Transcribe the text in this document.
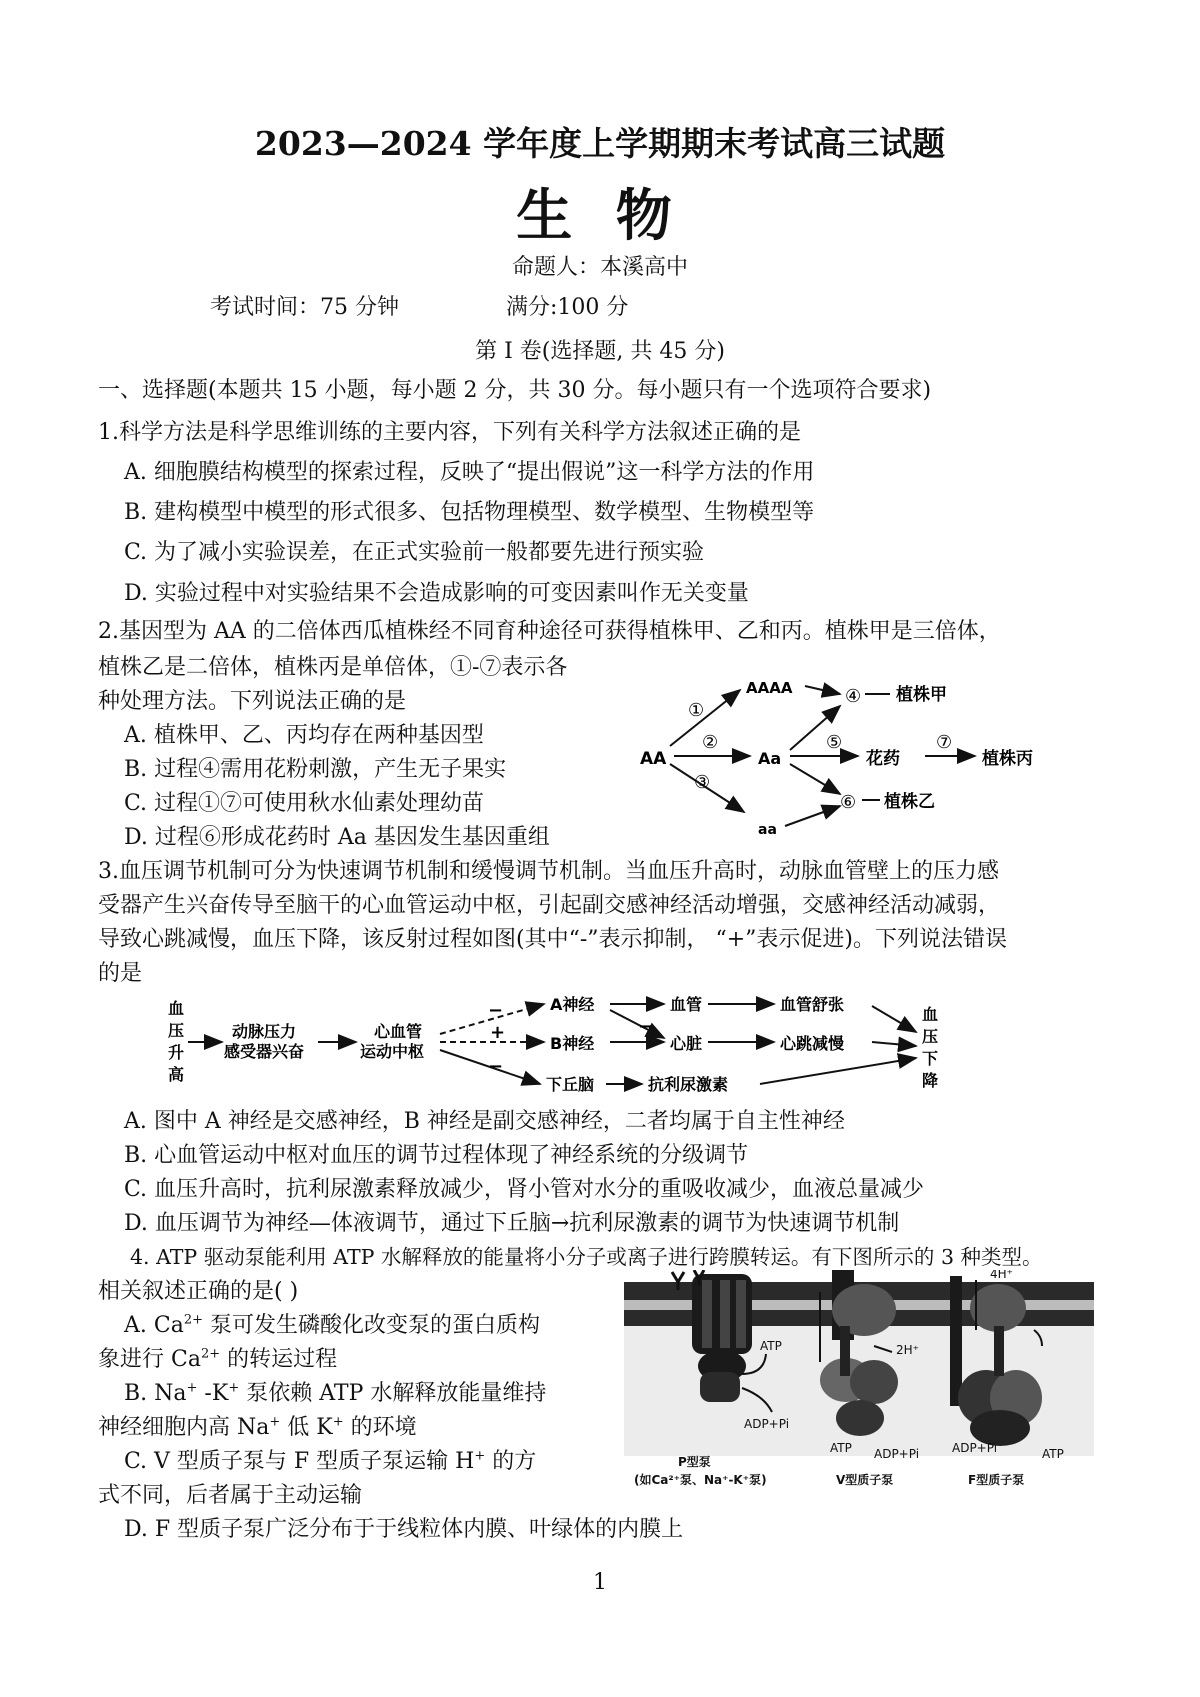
2023—2024 学年度上学期期末考试高三试题
生 物
命题人：本溪高中
考试时间：75 分钟	满分:100 分
第 Ⅰ 卷(选择题, 共 45 分)
一、选择题(本题共 15 小题，每小题 2 分，共 30 分。每小题只有一个选项符合要求)
1.科学方法是科学思维训练的主要内容，下列有关科学方法叙述正确的是
A. 细胞膜结构模型的探索过程，反映了“提出假说”这一科学方法的作用
B. 建构模型中模型的形式很多、包括物理模型、数学模型、生物模型等
C. 为了减小实验误差，在正式实验前一般都要先进行预实验
D. 实验过程中对实验结果不会造成影响的可变因素叫作无关变量
2.基因型为 AA 的二倍体西瓜植株经不同育种途径可获得植株甲、乙和丙。植株甲是三倍体，
植株乙是二倍体，植株丙是单倍体，①-⑦表示各
种处理方法。下列说法正确的是
A. 植株甲、乙、丙均存在两种基因型
B. 过程④需用花粉刺激，产生无子果实
C. 过程①⑦可使用秋水仙素处理幼苗
D. 过程⑥形成花药时 Aa 基因发生基因重组
AA
AAAA
Aa
aa
①
②
③
④
⑤	⑦
⑥
植株甲
花药	植株丙
植株乙
3.血压调节机制可分为快速调节机制和缓慢调节机制。当血压升高时，动脉血管壁上的压力感
受器产生兴奋传导至脑干的心血管运动中枢，引起副交感神经活动增强，交感神经活动减弱，
导致心跳减慢，血压下降，该反射过程如图(其中“-”表示抑制， “+”表示促进)。下列说法错误
的是
血
压
升
高
动脉压力
感受器兴奋
心血管
运动中枢
A神经
B神经
下丘脑
血管
心脏
抗利尿激素
血管舒张
心跳减慢
血
压
下
降
−
+
−
−
A. 图中 A 神经是交感神经，B 神经是副交感神经，二者均属于自主性神经
B. 心血管运动中枢对血压的调节过程体现了神经系统的分级调节
C. 血压升高时，抗利尿激素释放减少，肾小管对水分的重吸收减少，血液总量减少
D. 血压调节为神经—体液调节，通过下丘脑→抗利尿激素的调节为快速调节机制
4. ATP 驱动泵能利用 ATP 水解释放的能量将小分子或离子进行跨膜转运。有下图所示的 3 种类型。
相关叙述正确的是( )
A. $Ca^{2+}$ 泵可发生磷酸化改变泵的蛋白质构
象进行 $Ca^{2+}$ 的转运过程
B. Na+ -K+ 泵依赖 ATP 水解释放能量维持
神经细胞内高 Na+ 低 K+ 的环境
C. V 型质子泵与 F 型质子泵运输 H+ 的方
式不同，后者属于主动运输
D. F 型质子泵广泛分布于于线粒体内膜、叶绿体的内膜上
ATP
ADP+Pi
2H⁺
4H⁺
ATP ADP+Pi	ADP+Pi	ATP
P型泵
(如Ca²⁺泵、Na⁺-K⁺泵)	V型质子泵	F型质子泵
1
